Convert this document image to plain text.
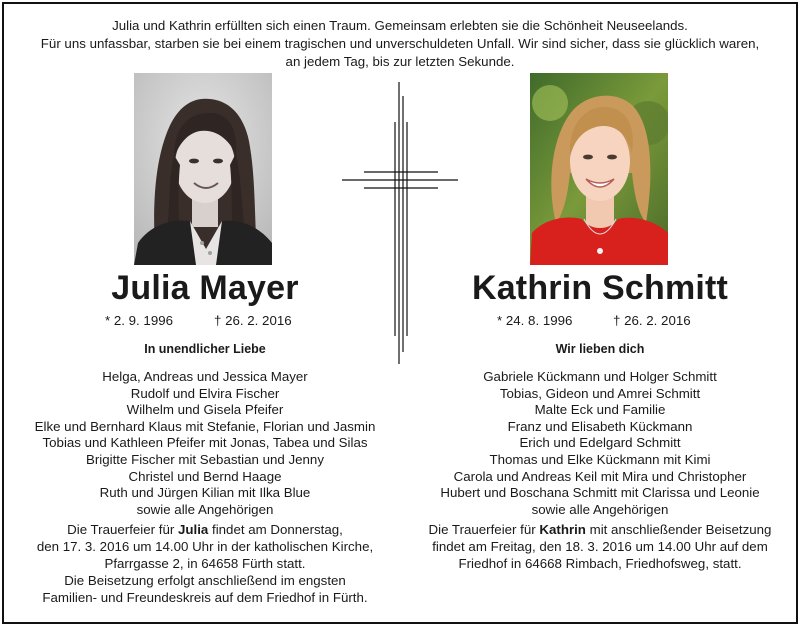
Julia und Kathrin erfüllten sich einen Traum. Gemeinsam erlebten sie die Schönheit Neuseelands.
Für uns unfassbar, starben sie bei einem tragischen und unverschuldeten Unfall. Wir sind sicher, dass sie glücklich waren,
an jedem Tag, bis zur letzten Sekunde.
Julia Mayer	Kathrin Schmitt
* 2. 9. 1996	† 26. 2. 2016	* 24. 8. 1996	† 26. 2. 2016
In unendlicher Liebe	Wir lieben dich
Helga, Andreas und Jessica Mayer
Rudolf und Elvira Fischer
Wilhelm und Gisela Pfeifer
Elke und Bernhard Klaus mit Stefanie, Florian und Jasmin
Tobias und Kathleen Pfeifer mit Jonas, Tabea und Silas
Brigitte Fischer mit Sebastian und Jenny
Christel und Bernd Haage
Ruth und Jürgen Kilian mit Ilka Blue
sowie alle Angehörigen
Gabriele Kückmann und Holger Schmitt
Tobias, Gideon und Amrei Schmitt
Malte Eck und Familie
Franz und Elisabeth Kückmann
Erich und Edelgard Schmitt
Thomas und Elke Kückmann mit Kimi
Carola und Andreas Keil mit Mira und Christopher
Hubert und Boschana Schmitt mit Clarissa und Leonie
sowie alle Angehörigen
Die Trauerfeier für Julia findet am Donnerstag,
den 17. 3. 2016 um 14.00 Uhr in der katholischen Kirche,
Pfarrgasse 2, in 64658 Fürth statt.
Die Beisetzung erfolgt anschließend im engsten
Familien- und Freundeskreis auf dem Friedhof in Fürth.
Die Trauerfeier für Kathrin mit anschließender Beisetzung
findet am Freitag, den 18. 3. 2016 um 14.00 Uhr auf dem
Friedhof in 64668 Rimbach, Friedhofsweg, statt.
